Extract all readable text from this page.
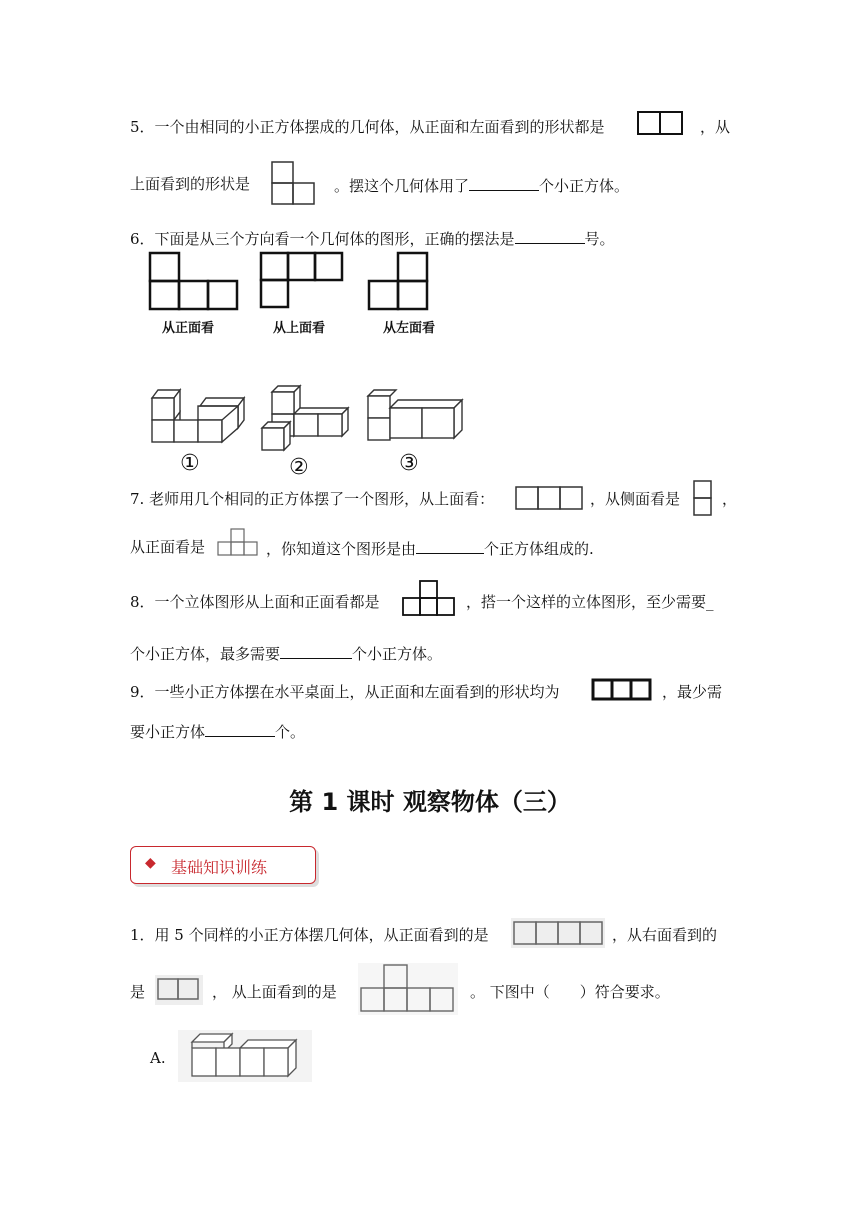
5．一个由相同的小正方体摆成的几何体，从正面和左面看到的形状都是	，从
上面看到的形状是	。摆这个几何体用了	个小正方体。
6．下面是从三个方向看一个几何体的图形，正确的摆法是	号。
从正面看	从上面看	从左面看
①	②	③
7. 老师用几个相同的正方体摆了一个图形，从上面看：	，从侧面看是	，
从正面看是	，你知道这个图形是由	个正方体组成的.
8．一个立体图形从上面和正面看都是	，搭一个这样的立体图形，至少需要_
个小正方体，最多需要	个小正方体。
9．一些小正方体摆在水平桌面上，从正面和左面看到的形状均为	，最少需
要小正方体	个。
第 1 课时 观察物体（三）
◆ 基础知识训练
1．用 5 个同样的小正方体摆几何体，从正面看到的是	，从右面看到的
是	， 从上面看到的是	。 下图中（　　）符合要求。
A.
